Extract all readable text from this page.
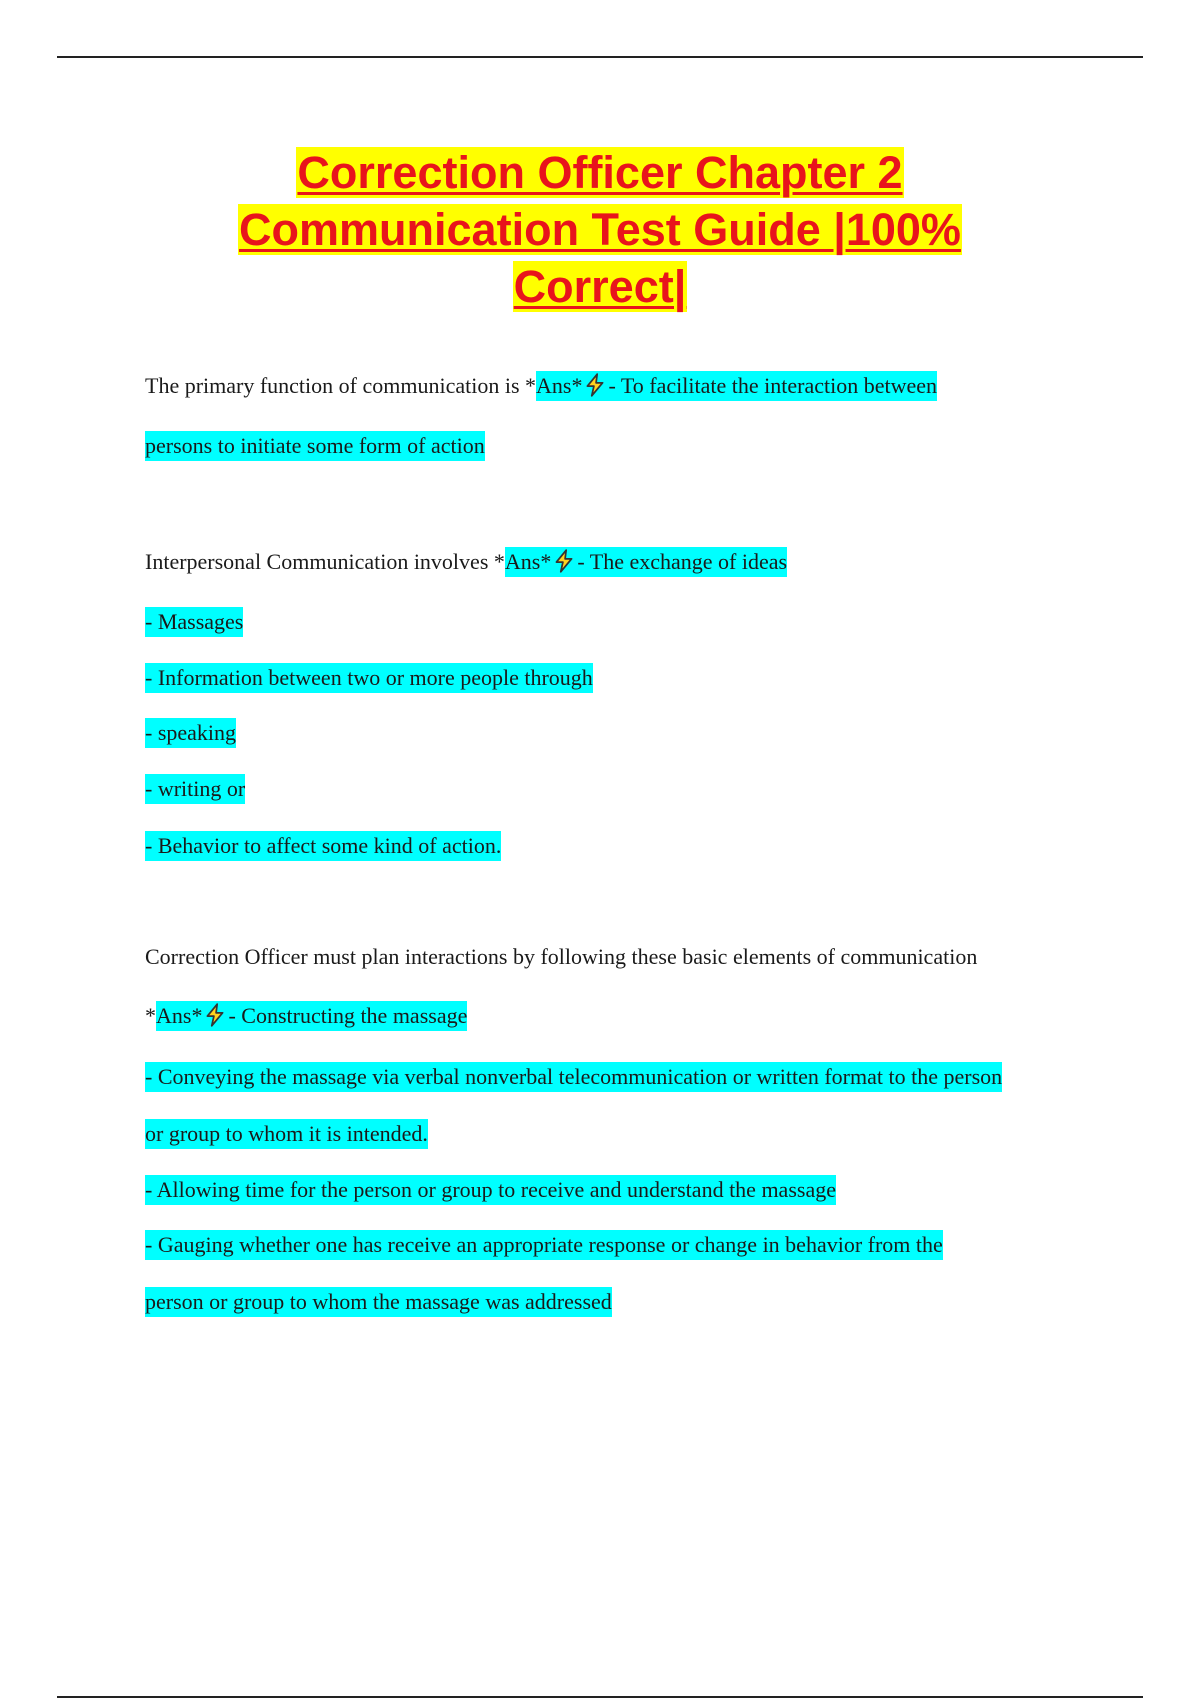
Correction Officer Chapter 2
Communication Test Guide |100%
Correct|
The primary function of communication is *Ans* - To facilitate the interaction between
persons to initiate some form of action
Interpersonal Communication involves *Ans* - The exchange of ideas
- Massages
- Information between two or more people through
- speaking
- writing or
- Behavior to affect some kind of action.
Correction Officer must plan interactions by following these basic elements of communication
*Ans* - Constructing the massage
- Conveying the massage via verbal nonverbal telecommunication or written format to the person
or group to whom it is intended.
- Allowing time for the person or group to receive and understand the massage
- Gauging whether one has receive an appropriate response or change in behavior from the
person or group to whom the massage was addressed
